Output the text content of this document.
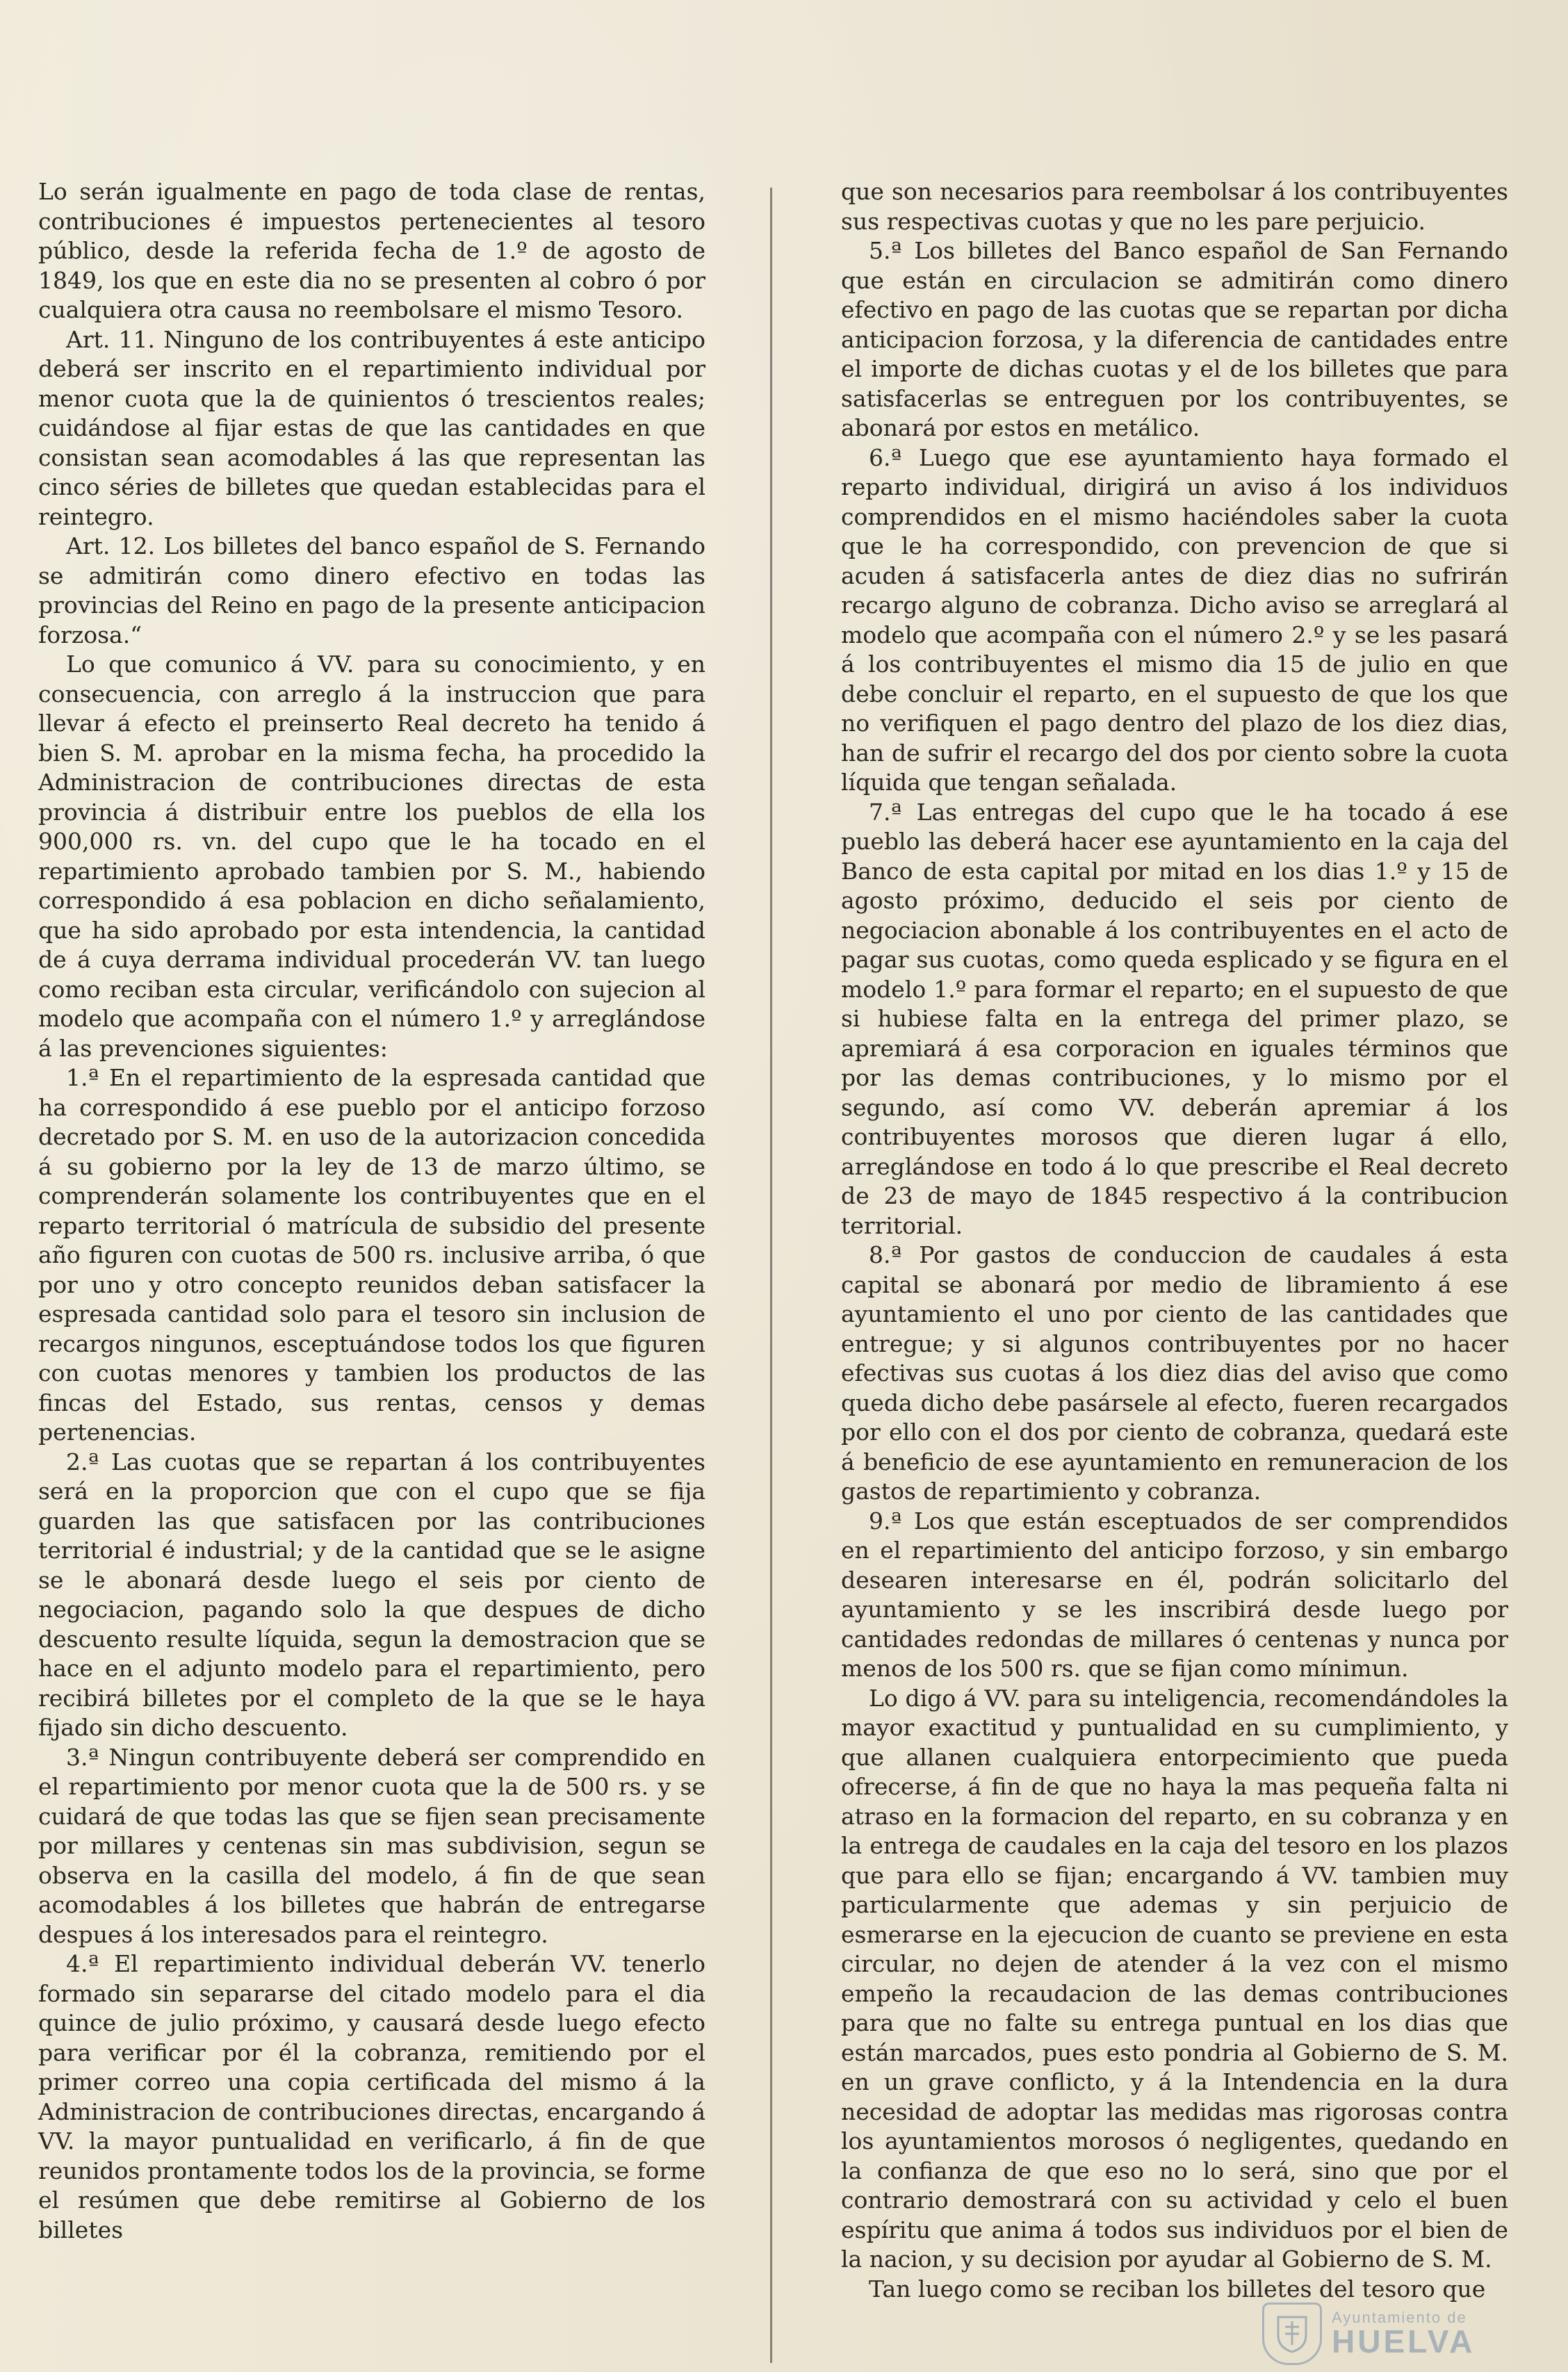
Lo serán igualmente en pago de toda clase de rentas, contribuciones é impuestos pertenecientes al tesoro público, desde la referida fecha de 1.º de agosto de 1849, los que en este dia no se presenten al cobro ó por cualquiera otra causa no reembolsare el mismo Tesoro.

Art. 11. Ninguno de los contribuyentes á este anticipo deberá ser inscrito en el repartimiento individual por menor cuota que la de quinientos ó trescientos reales; cuidándose al fijar estas de que las cantidades en que consistan sean acomodables á las que representan las cinco séries de billetes que quedan establecidas para el reintegro.

Art. 12. Los billetes del banco español de S. Fernando se admitirán como dinero efectivo en todas las provincias del Reino en pago de la presente anticipacion forzosa.“

Lo que comunico á VV. para su conocimiento, y en consecuencia, con arreglo á la instruccion que para llevar á efecto el preinserto Real decreto ha tenido á bien S. M. aprobar en la misma fecha, ha procedido la Administracion de contribuciones directas de esta provincia á distribuir entre los pueblos de ella los 900,000 rs. vn. del cupo que le ha tocado en el repartimiento aprobado tambien por S. M., habiendo correspondido á esa poblacion en dicho señalamiento, que ha sido aprobado por esta intendencia, la cantidad de á cuya derrama individual procederán VV. tan luego como reciban esta circular, verificándolo con sujecion al modelo que acompaña con el número 1.º y arreglándose á las prevenciones siguientes:

1.ª En el repartimiento de la espresada cantidad que ha correspondido á ese pueblo por el anticipo forzoso decretado por S. M. en uso de la autorizacion concedida á su gobierno por la ley de 13 de marzo último, se comprenderán solamente los contribuyentes que en el reparto territorial ó matrícula de subsidio del presente año figuren con cuotas de 500 rs. inclusive arriba, ó que por uno y otro concepto reunidos deban satisfacer la espresada cantidad solo para el tesoro sin inclusion de recargos ningunos, esceptuándose todos los que figuren con cuotas menores y tambien los productos de las fincas del Estado, sus rentas, censos y demas pertenencias.

2.ª Las cuotas que se repartan á los contribuyentes será en la proporcion que con el cupo que se fija guarden las que satisfacen por las contribuciones territorial é industrial; y de la cantidad que se le asigne se le abonará desde luego el seis por ciento de negociacion, pagando solo la que despues de dicho descuento resulte líquida, segun la demostracion que se hace en el adjunto modelo para el repartimiento, pero recibirá billetes por el completo de la que se le haya fijado sin dicho descuento.

3.ª Ningun contribuyente deberá ser comprendido en el repartimiento por menor cuota que la de 500 rs. y se cuidará de que todas las que se fijen sean precisamente por millares y centenas sin mas subdivision, segun se observa en la casilla del modelo, á fin de que sean acomodables á los billetes que habrán de entregarse despues á los interesados para el reintegro.

4.ª El repartimiento individual deberán VV. tenerlo formado sin separarse del citado modelo para el dia quince de julio próximo, y causará desde luego efecto para verificar por él la cobranza, remitiendo por el primer correo una copia certificada del mismo á la Administracion de contribuciones directas, encargando á VV. la mayor puntualidad en verificarlo, á fin de que reunidos prontamente todos los de la provincia, se forme el resúmen que debe remitirse al Gobierno de los billetes

que son necesarios para reembolsar á los contribuyentes sus respectivas cuotas y que no les pare perjuicio.

5.ª Los billetes del Banco español de San Fernando que están en circulacion se admitirán como dinero efectivo en pago de las cuotas que se repartan por dicha anticipacion forzosa, y la diferencia de cantidades entre el importe de dichas cuotas y el de los billetes que para satisfacerlas se entreguen por los contribuyentes, se abonará por estos en metálico.

6.ª Luego que ese ayuntamiento haya formado el reparto individual, dirigirá un aviso á los individuos comprendidos en el mismo haciéndoles saber la cuota que le ha correspondido, con prevencion de que si acuden á satisfacerla antes de diez dias no sufrirán recargo alguno de cobranza. Dicho aviso se arreglará al modelo que acompaña con el número 2.º y se les pasará á los contribuyentes el mismo dia 15 de julio en que debe concluir el reparto, en el supuesto de que los que no verifiquen el pago dentro del plazo de los diez dias, han de sufrir el recargo del dos por ciento sobre la cuota líquida que tengan señalada.

7.ª Las entregas del cupo que le ha tocado á ese pueblo las deberá hacer ese ayuntamiento en la caja del Banco de esta capital por mitad en los dias 1.º y 15 de agosto próximo, deducido el seis por ciento de negociacion abonable á los contribuyentes en el acto de pagar sus cuotas, como queda esplicado y se figura en el modelo 1.º para formar el reparto; en el supuesto de que si hubiese falta en la entrega del primer plazo, se apremiará á esa corporacion en iguales términos que por las demas contribuciones, y lo mismo por el segundo, así como VV. deberán apremiar á los contribuyentes morosos que dieren lugar á ello, arreglándose en todo á lo que prescribe el Real decreto de 23 de mayo de 1845 respectivo á la contribucion territorial.

8.ª Por gastos de conduccion de caudales á esta capital se abonará por medio de libramiento á ese ayuntamiento el uno por ciento de las cantidades que entregue; y si algunos contribuyentes por no hacer efectivas sus cuotas á los diez dias del aviso que como queda dicho debe pasársele al efecto, fueren recargados por ello con el dos por ciento de cobranza, quedará este á beneficio de ese ayuntamiento en remuneracion de los gastos de repartimiento y cobranza.

9.ª Los que están esceptuados de ser comprendidos en el repartimiento del anticipo forzoso, y sin embargo desearen interesarse en él, podrán solicitarlo del ayuntamiento y se les inscribirá desde luego por cantidades redondas de millares ó centenas y nunca por menos de los 500 rs. que se fijan como mínimun.

Lo digo á VV. para su inteligencia, recomendándoles la mayor exactitud y puntualidad en su cumplimiento, y que allanen cualquiera entorpecimiento que pueda ofrecerse, á fin de que no haya la mas pequeña falta ni atraso en la formacion del reparto, en su cobranza y en la entrega de caudales en la caja del tesoro en los plazos que para ello se fijan; encargando á VV. tambien muy particularmente que ademas y sin perjuicio de esmerarse en la ejecucion de cuanto se previene en esta circular, no dejen de atender á la vez con el mismo empeño la recaudacion de las demas contribuciones para que no falte su entrega puntual en los dias que están marcados, pues esto pondria al Gobierno de S. M. en un grave conflicto, y á la Intendencia en la dura necesidad de adoptar las medidas mas rigorosas contra los ayuntamientos morosos ó negligentes, quedando en la confianza de que eso no lo será, sino que por el contrario demostrará con su actividad y celo el buen espíritu que anima á todos sus individuos por el bien de la nacion, y su decision por ayudar al Gobierno de S. M.

Tan luego como se reciban los billetes del tesoro que

Ayuntamiento de
HUELVA
